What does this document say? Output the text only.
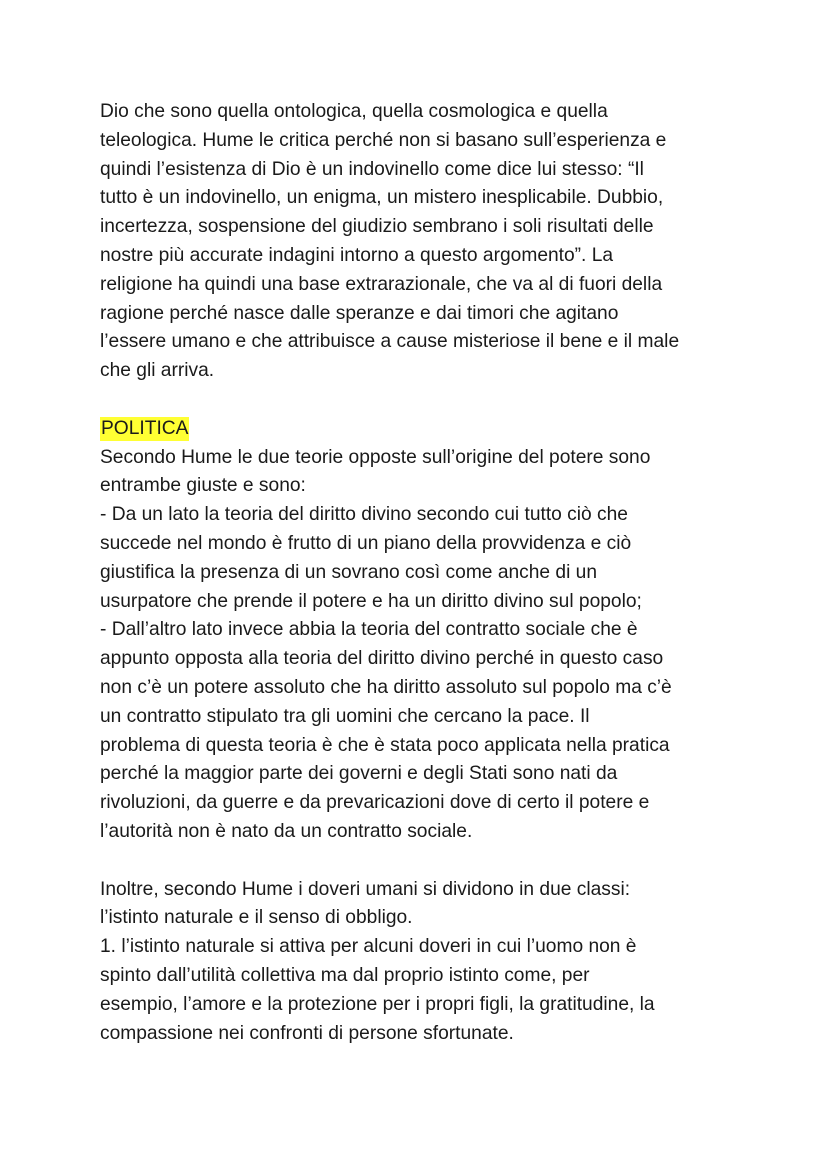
Dio che sono quella ontologica, quella cosmologica e quella
teleologica. Hume le critica perché non si basano sull’esperienza e
quindi l’esistenza di Dio è un indovinello come dice lui stesso: “Il
tutto è un indovinello, un enigma, un mistero inesplicabile. Dubbio,
incertezza, sospensione del giudizio sembrano i soli risultati delle
nostre più accurate indagini intorno a questo argomento”. La
religione ha quindi una base extrarazionale, che va al di fuori della
ragione perché nasce dalle speranze e dai timori che agitano
l’essere umano e che attribuisce a cause misteriose il bene e il male
che gli arriva.
POLITICA
Secondo Hume le due teorie opposte sull’origine del potere sono
entrambe giuste e sono:
- Da un lato la teoria del diritto divino secondo cui tutto ciò che
succede nel mondo è frutto di un piano della provvidenza e ciò
giustifica la presenza di un sovrano così come anche di un
usurpatore che prende il potere e ha un diritto divino sul popolo;
- Dall’altro lato invece abbia la teoria del contratto sociale che è
appunto opposta alla teoria del diritto divino perché in questo caso
non c’è un potere assoluto che ha diritto assoluto sul popolo ma c’è
un contratto stipulato tra gli uomini che cercano la pace. Il
problema di questa teoria è che è stata poco applicata nella pratica
perché la maggior parte dei governi e degli Stati sono nati da
rivoluzioni, da guerre e da prevaricazioni dove di certo il potere e
l’autorità non è nato da un contratto sociale.
Inoltre, secondo Hume i doveri umani si dividono in due classi:
l’istinto naturale e il senso di obbligo.
1. l’istinto naturale si attiva per alcuni doveri in cui l’uomo non è
spinto dall’utilità collettiva ma dal proprio istinto come, per
esempio, l’amore e la protezione per i propri figli, la gratitudine, la
compassione nei confronti di persone sfortunate.
